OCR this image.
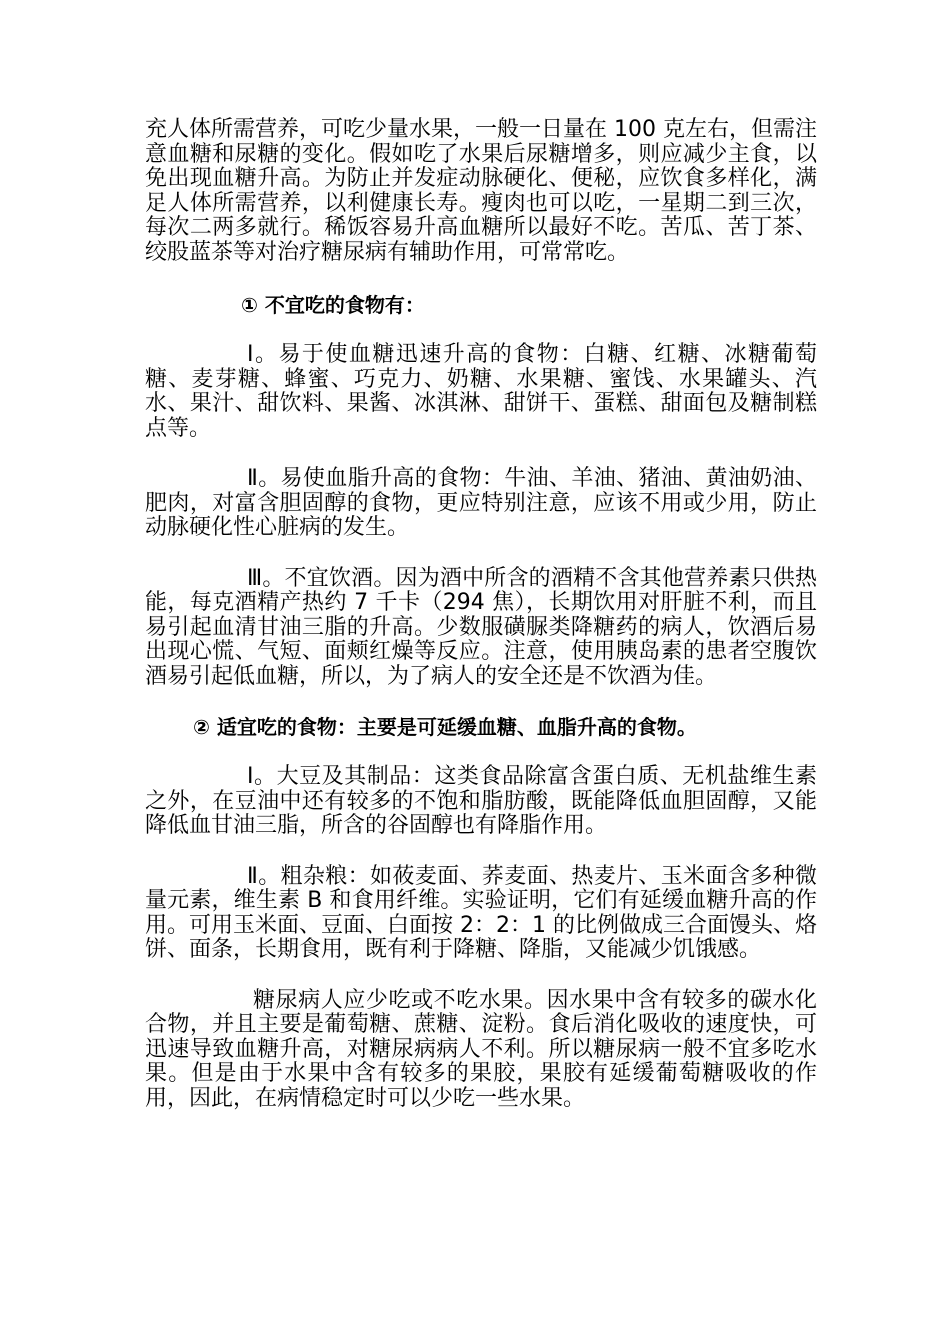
充人体所需营养，可吃少量水果，一般一日量在 100 克左右，但需注意血糖和尿糖的变化。假如吃了水果后尿糖增多，则应减少主食，以免出现血糖升高。为防止并发症动脉硬化、便秘，应饮食多样化，满足人体所需营养，以利健康长寿。瘦肉也可以吃，一星期二到三次，每次二两多就行。稀饭容易升高血糖所以最好不吃。苦瓜、苦丁茶、绞股蓝茶等对治疗糖尿病有辅助作用，可常常吃。

① 不宜吃的食物有：

Ⅰ。易于使血糖迅速升高的食物：白糖、红糖、冰糖葡萄糖、麦芽糖、蜂蜜、巧克力、奶糖、水果糖、蜜饯、水果罐头、汽水、果汁、甜饮料、果酱、冰淇淋、甜饼干、蛋糕、甜面包及糖制糕点等。

Ⅱ。易使血脂升高的食物：牛油、羊油、猪油、黄油奶油、肥肉，对富含胆固醇的食物，更应特别注意，应该不用或少用，防止动脉硬化性心脏病的发生。

Ⅲ。不宜饮酒。因为酒中所含的酒精不含其他营养素只供热能，每克酒精产热约 7 千卡（294 焦），长期饮用对肝脏不利，而且易引起血清甘油三脂的升高。少数服磺脲类降糖药的病人，饮酒后易出现心慌、气短、面颊红燥等反应。注意，使用胰岛素的患者空腹饮酒易引起低血糖，所以，为了病人的安全还是不饮酒为佳。

② 适宜吃的食物：主要是可延缓血糖、血脂升高的食物。

Ⅰ。大豆及其制品：这类食品除富含蛋白质、无机盐维生素之外，在豆油中还有较多的不饱和脂肪酸，既能降低血胆固醇，又能降低血甘油三脂，所含的谷固醇也有降脂作用。

Ⅱ。粗杂粮：如莜麦面、荞麦面、热麦片、玉米面含多种微量元素，维生素 B 和食用纤维。实验证明，它们有延缓血糖升高的作用。可用玉米面、豆面、白面按 2：2：1 的比例做成三合面馒头、烙饼、面条，长期食用，既有利于降糖、降脂，又能减少饥饿感。

糖尿病人应少吃或不吃水果。因水果中含有较多的碳水化合物，并且主要是葡萄糖、蔗糖、淀粉。食后消化吸收的速度快，可迅速导致血糖升高，对糖尿病病人不利。所以糖尿病一般不宜多吃水果。但是由于水果中含有较多的果胶，果胶有延缓葡萄糖吸收的作用，因此，在病情稳定时可以少吃一些水果。
